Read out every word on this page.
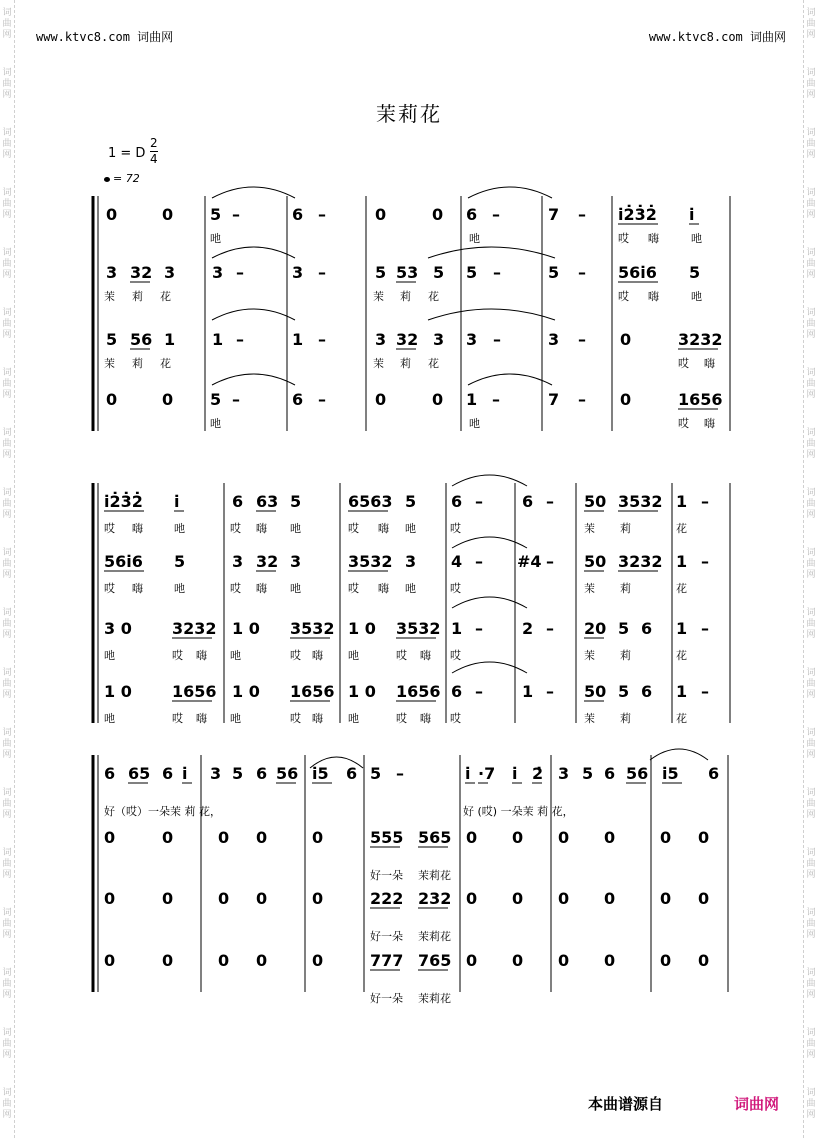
词
曲
网
词
曲
网
词
曲
网
词
曲
网
词
曲
网
词
曲
网
词
曲
网
词
曲
网
词
曲
网
词
曲
网
词
曲
网
词
曲
网
词
曲
网
词
曲
网
词
曲
网
词
曲
网
词
曲
网
词
曲
网
词
曲
网
词
曲
网
词
曲
网
词
曲
网
词
曲
网
词
曲
网
词
曲
网
词
曲
网
词
曲
网
词
曲
网
词
曲
网
词
曲
网
词
曲
网
词
曲
网
词
曲
网
词
曲
网
词
曲
网
词
曲
网
词
曲
网
词
曲
网
www.ktvc8.com 词曲网	www.ktvc8.com 词曲网
茉莉花
1 = D
2
4
= 72
0	0 5 –	6 –	0	0 6 –	7 – i̇2̇3̇2̇ i̇
吔	吔	哎 嗨	吔
3 32 3 3 –	3 –	5 53 5 5 –	5 – 56i̇6 5
茉 莉 花	茉 莉 花	哎 嗨	吔
5 56 1 1 –	1 –	3 32 3 3 –	3 – 0	3232
茉 莉 花	茉 莉 花	哎 嗨
0	0 5 –	6 –	0	0 1 –	7 – 0	1656
吔	吔	哎 嗨
i̇2̇3̇2̇ i̇	6 63 5	6563 5 6 – 6 – 50 3532 1 –
哎 嗨	吔	哎 嗨 吔	哎 嗨 吔	哎	茉 莉	花
56i̇6 5	3 32 3	3532 3 4 – #4 – 50 3232 1 –
哎 嗨	吔	哎 嗨 吔	哎 嗨 吔	哎	茉 莉	花
3 0	3232 1 0 3532 1 0 3532 1 – 2 – 20 5 6 1 –
吔	哎 嗨 吔	哎 嗨 吔	哎 嗨 哎	茉 莉	花
1 0	1656 1 0 1656 1 0 1656 6 – 1 – 50 5 6 1 –
吔	哎 嗨 吔	哎 嗨 吔	哎 嗨 哎	茉 莉	花
6 65 6 i̇ 3 5 6 56 i̇5 6 5 –	i̇ ·7 i̇ 2̇ 3 5 6 56 i̇5 6
好（哎）一朵茉 莉 花，	好 (哎) 一朵茉 莉 花，
0	0	0 0	0	555 565 0 0 0 0	0 0
好一朵 茉莉花
0	0	0 0	0	222 232 0 0 0 0	0 0
好一朵 茉莉花
0	0	0 0	0	777 765 0 0 0 0	0 0
好一朵 茉莉花
本曲谱源自	词曲网
